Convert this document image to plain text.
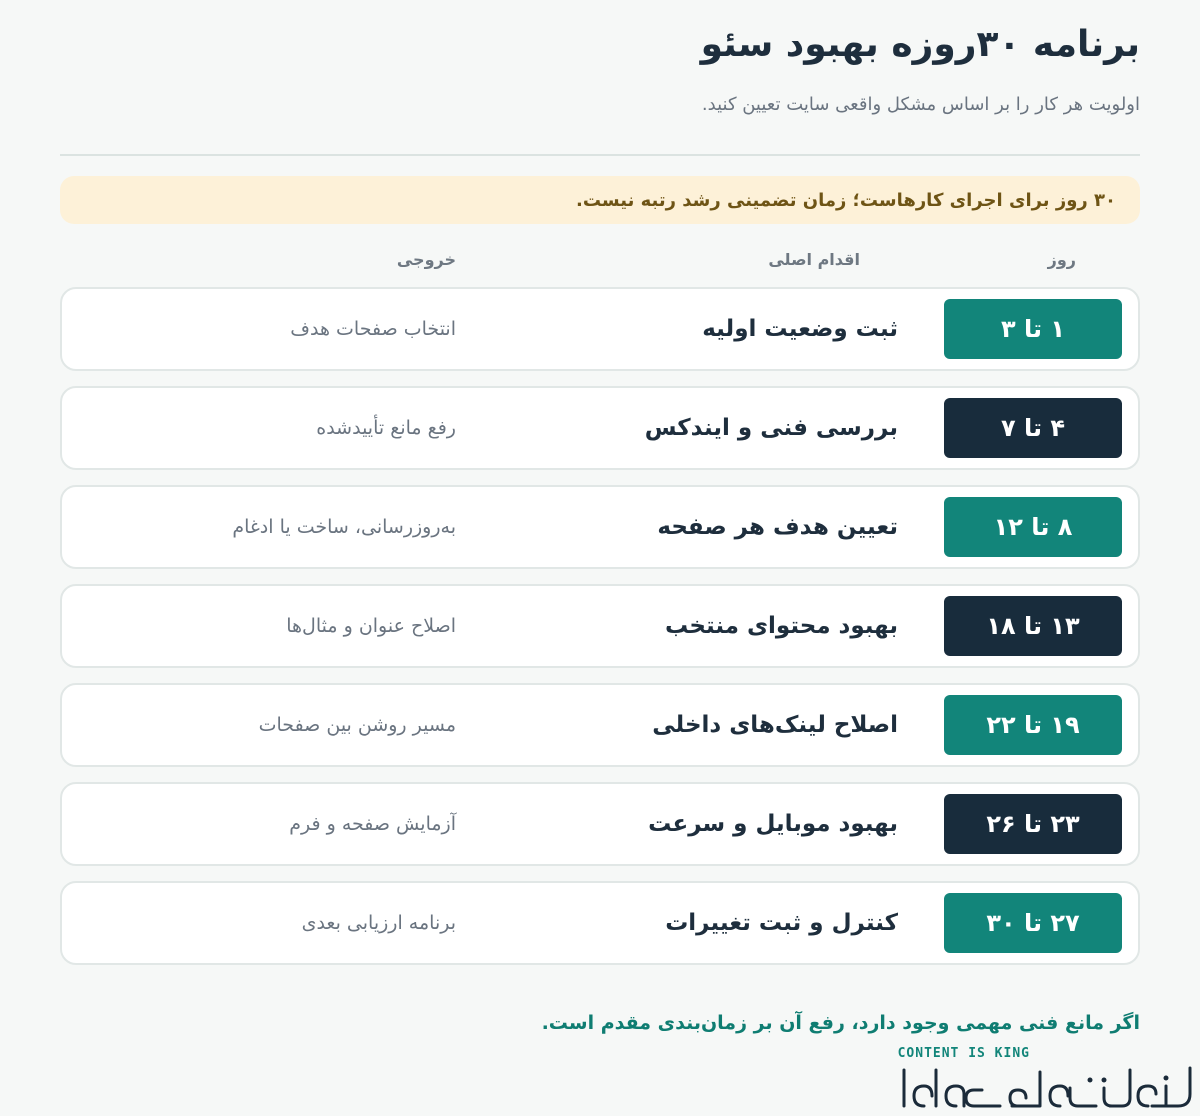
برنامه ۳۰روزه بهبود سئو
اولویت هر کار را بر اساس مشکل واقعی سایت تعیین کنید.
۳۰ روز برای اجرای کارهاست؛ زمان تضمینی رشد رتبه نیست.
روز
اقدام اصلی
خروجی
۱ تا ۳
ثبت وضعیت اولیه
انتخاب صفحات هدف
۴ تا ۷
بررسی فنی و ایندکس
رفع مانع تأییدشده
۸ تا ۱۲
تعیین هدف هر صفحه
به‌روزرسانی، ساخت یا ادغام
۱۳ تا ۱۸
بهبود محتوای منتخب
اصلاح عنوان و مثال‌ها
۱۹ تا ۲۲
اصلاح لینک‌های داخلی
مسیر روشن بین صفحات
۲۳ تا ۲۶
بهبود موبایل و سرعت
آزمایش صفحه و فرم
۲۷ تا ۳۰
کنترل و ثبت تغییرات
برنامه ارزیابی بعدی
اگر مانع فنی مهمی وجود دارد، رفع آن بر زمان‌بندی مقدم است.
CONTENT IS KING
